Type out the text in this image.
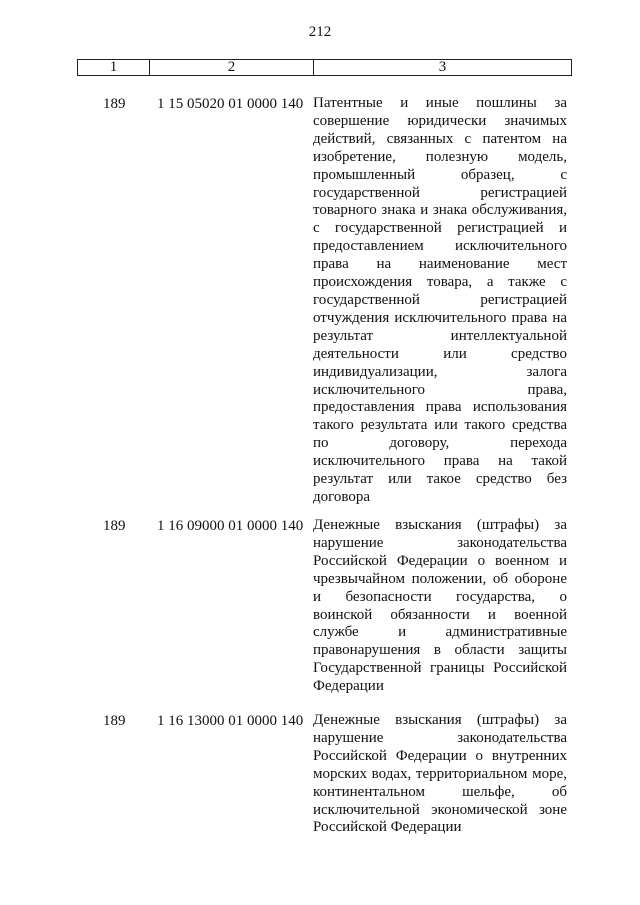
212
1	2	3
189 1 15 05020 01 0000 140 Патентные и иные пошлины за
совершение юридически значимых
действий, связанных с патентом на
изобретение, полезную модель,
промышленный образец, с
государственной регистрацией
товарного знака и знака обслуживания,
с государственной регистрацией и
предоставлением исключительного
права на наименование мест
происхождения товара, а также с
государственной регистрацией
отчуждения исключительного права на
результат интеллектуальной
деятельности или средство
индивидуализации, залога
исключительного права,
предоставления права использования
такого результата или такого средства
по договору, перехода
исключительного права на такой
результат или такое средство без
договора
189 1 16 09000 01 0000 140 Денежные взыскания (штрафы) за
нарушение законодательства
Российской Федерации о военном и
чрезвычайном положении, об обороне
и безопасности государства, о
воинской обязанности и военной
службе и административные
правонарушения в области защиты
Государственной границы Российской
Федерации
189 1 16 13000 01 0000 140 Денежные взыскания (штрафы) за
нарушение законодательства
Российской Федерации о внутренних
морских водах, территориальном море,
континентальном шельфе, об
исключительной экономической зоне
Российской Федерации
